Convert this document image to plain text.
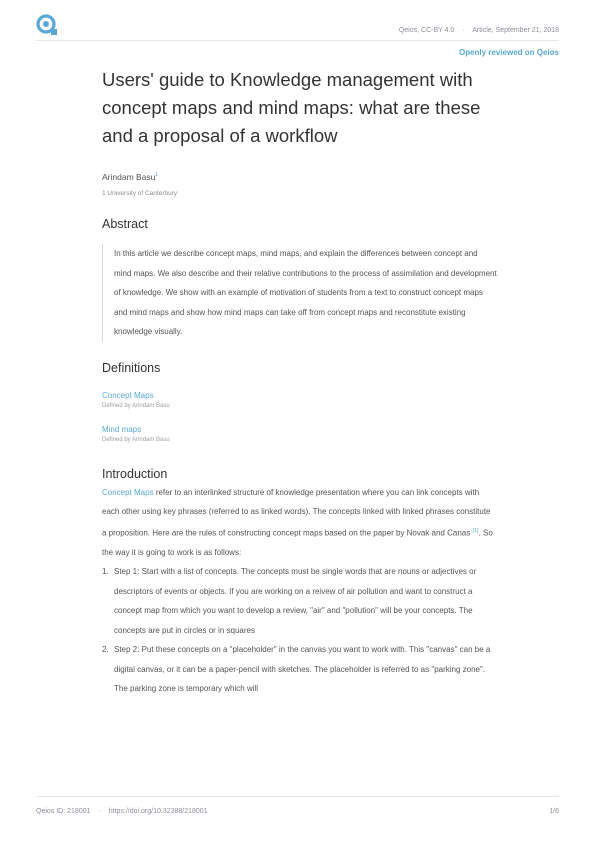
Qeios, CC-BY 4.0 · Article, September 21, 2018
Openly reviewed on Qeios
Users' guide to Knowledge management with concept maps and mind maps: what are these and a proposal of a workflow
Arindam Basu$^1$
1 University of Canterbury
Abstract
In this article we describe concept maps, mind maps, and explain the differences between concept and mind maps. We also describe and their relative contributions to the process of assimilation and development of knowledge. We show with an example of motivation of students from a text to construct concept maps and mind maps and show how mind maps can take off from concept maps and reconstitute existing knowledge visually.
Definitions
Concept Maps
Defined by Arindam Basu
Mind maps
Defined by Arindam Basu
Introduction
Concept Maps refer to an interlinked structure of knowledge presentation where you can link concepts with each other using key phrases (referred to as linked words). The concepts linked with linked phrases constitute a proposition. Here are the rules of constructing concept maps based on the paper by Novak and Canas [1]. So the way it is going to work is as follows:
1. Step 1: Start with a list of concepts. The concepts must be single words that are nouns or adjectives or descriptors of events or objects. If you are working on a reivew of air pollution and want to construct a concept map from which you want to develop a review, "air" and "pollution" will be your concepts. The concepts are put in circles or in squares
2. Step 2: Put these concepts on a "placeholder" in the canvas you want to work with. This "canvas" can be a digital canvas, or it can be a paper-pencil with sketches. The placeholder is referred to as "parking zone". The parking zone is temporary which will
Qeios ID: 218001 · https://doi.org/10.32388/218001	1/6
